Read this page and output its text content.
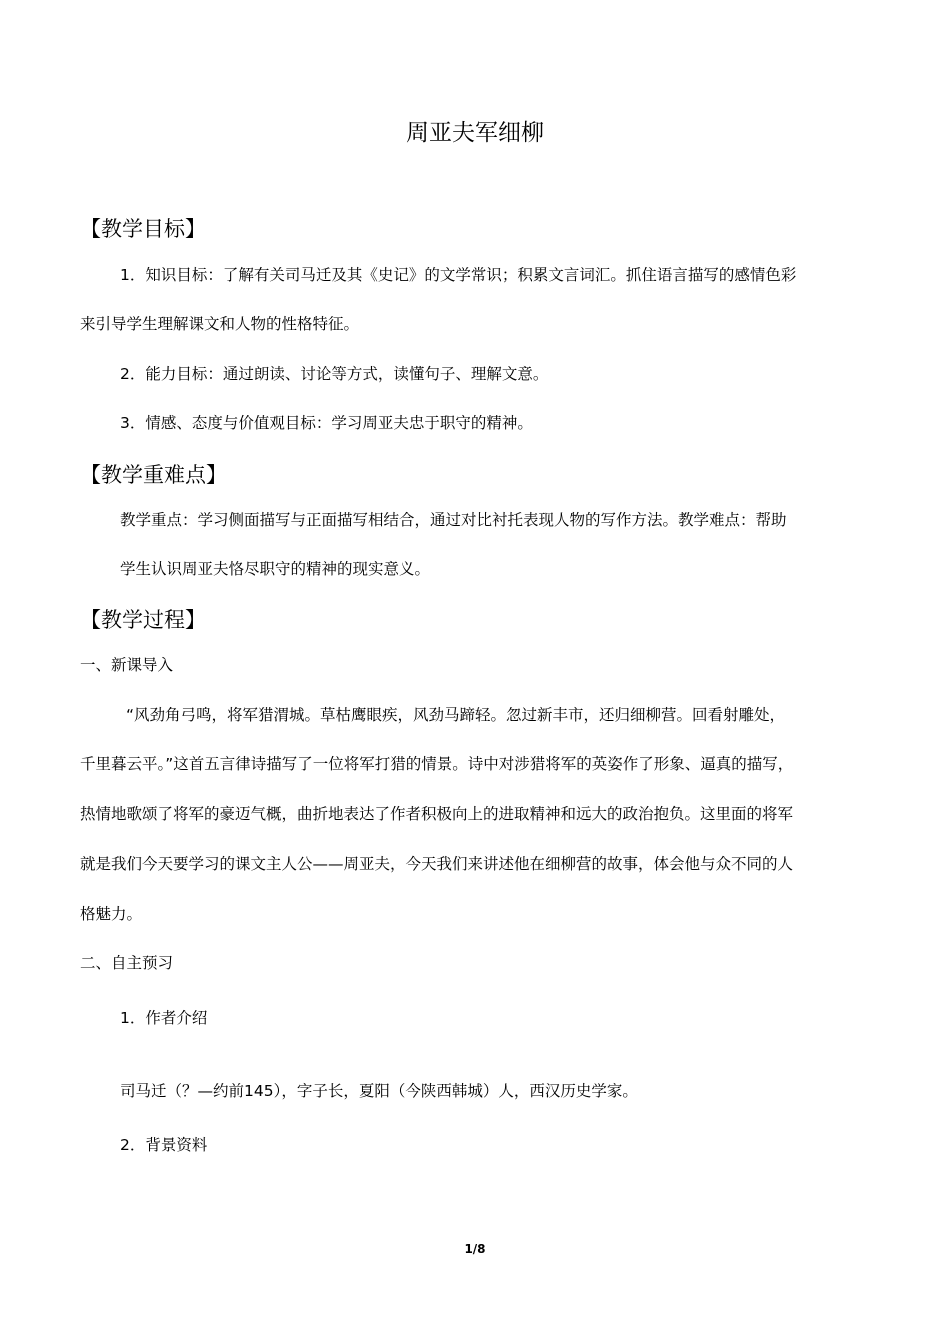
周亚夫军细柳
【教学目标】
1．知识目标：了解有关司马迁及其《史记》的文学常识；积累文言词汇。抓住语言描写的感情色彩
来引导学生理解课文和人物的性格特征。
2．能力目标：通过朗读、讨论等方式，读懂句子、理解文意。
3．情感、态度与价值观目标：学习周亚夫忠于职守的精神。
【教学重难点】
教学重点：学习侧面描写与正面描写相结合，通过对比衬托表现人物的写作方法。教学难点：帮助
学生认识周亚夫恪尽职守的精神的现实意义。
【教学过程】
一、新课导入
“风劲角弓鸣，将军猎渭城。草枯鹰眼疾，风劲马蹄轻。忽过新丰市，还归细柳营。回看射雕处，
千里暮云平。”这首五言律诗描写了一位将军打猎的情景。诗中对涉猎将军的英姿作了形象、逼真的描写，
热情地歌颂了将军的豪迈气概，曲折地表达了作者积极向上的进取精神和远大的政治抱负。这里面的将军
就是我们今天要学习的课文主人公——周亚夫，今天我们来讲述他在细柳营的故事，体会他与众不同的人
格魅力。
二、自主预习
1．作者介绍
司马迁（？—约前145），字子长，夏阳（今陕西韩城）人，西汉历史学家。
2．背景资料
1/8
